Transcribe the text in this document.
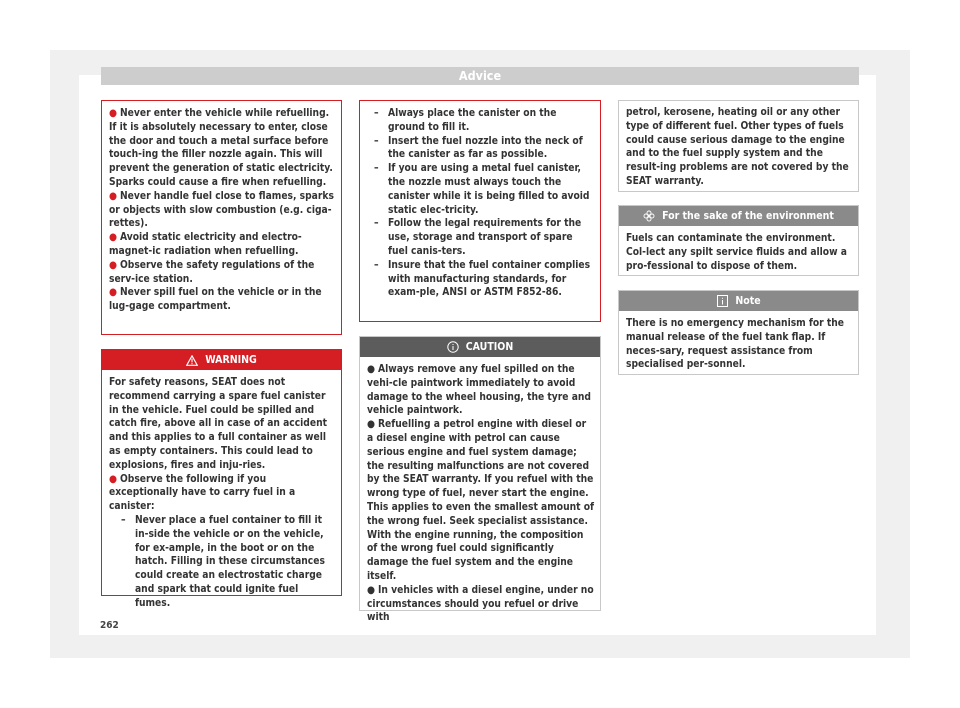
Advice
● Never enter the vehicle while refuelling. If it is absolutely necessary to enter, close the door and touch a metal surface before touch-ing the filler nozzle again. This will prevent the generation of static electricity. Sparks could cause a fire when refuelling.
● Never handle fuel close to flames, sparks or objects with slow combustion (e.g. ciga-rettes).
● Avoid static electricity and electro-magnet-ic radiation when refuelling.
● Observe the safety regulations of the serv-ice station.
● Never spill fuel on the vehicle or in the lug-gage compartment.
WARNING

For safety reasons, SEAT does not recommend carrying a spare fuel canister in the vehicle. Fuel could be spilled and catch fire, above all in case of an accident and this applies to a full container as well as empty containers. This could lead to explosions, fires and inju-ries.

● Observe the following if you exceptionally have to carry fuel in a canister:
– Never place a fuel container to fill it in-side the vehicle or on the vehicle, for ex-ample, in the boot or on the hatch. Filling in these circumstances could create an electrostatic charge and spark that could ignite fuel fumes.
– Always place the canister on the ground to fill it.
– Insert the fuel nozzle into the neck of the canister as far as possible.
– If you are using a metal fuel canister, the nozzle must always touch the canister while it is being filled to avoid static elec-tricity.
– Follow the legal requirements for the use, storage and transport of spare fuel canis-ters.
– Insure that the fuel container complies with manufacturing standards, for exam-ple, ANSI or ASTM F852-86.
CAUTION
● Always remove any fuel spilled on the vehi-cle paintwork immediately to avoid damage to the wheel housing, the tyre and vehicle paintwork.
● Refuelling a petrol engine with diesel or a diesel engine with petrol can cause serious engine and fuel system damage; the resulting malfunctions are not covered by the SEAT warranty. If you refuel with the wrong type of fuel, never start the engine. This applies to even the smallest amount of the wrong fuel. Seek specialist assistance. With the engine running, the composition of the wrong fuel could significantly damage the fuel system and the engine itself.
● In vehicles with a diesel engine, under no circumstances should you refuel or drive with

petrol, kerosene, heating oil or any other type of different fuel. Other types of fuels could cause serious damage to the engine and to the fuel supply system and the result-ing problems are not covered by the SEAT warranty.

For the sake of the environment

Fuels can contaminate the environment. Col-lect any spilt service fluids and allow a pro-fessional to dispose of them.

Note

There is no emergency mechanism for the manual release of the fuel tank flap. If neces-sary, request assistance from specialised per-sonnel.

262
